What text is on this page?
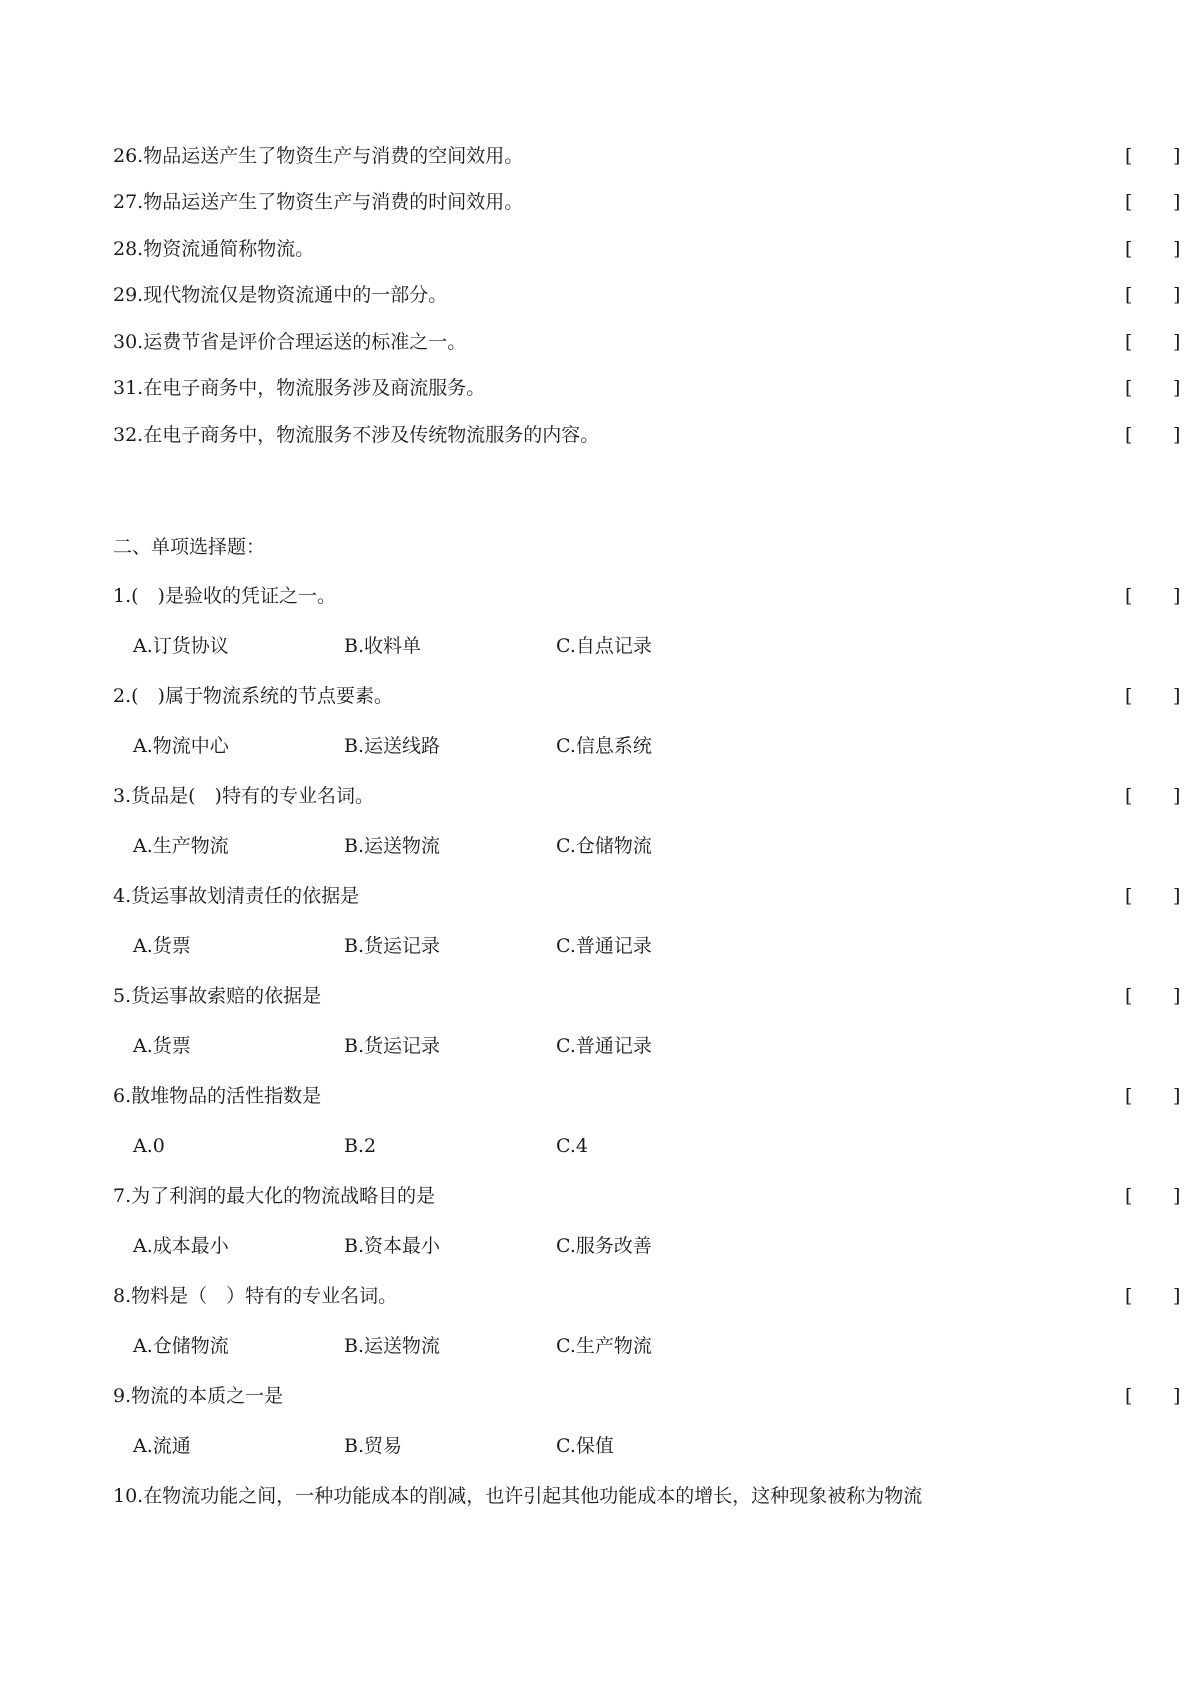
26.物品运送产生了物资生产与消费的空间效用。	[ ]
27.物品运送产生了物资生产与消费的时间效用。	[ ]
28.物资流通简称物流。	[ ]
29.现代物流仅是物资流通中的一部分。	[ ]
30.运费节省是评价合理运送的标准之一。	[ ]
31.在电子商务中，物流服务涉及商流服务。	[ ]
32.在电子商务中，物流服务不涉及传统物流服务的内容。	[ ]
二、单项选择题：
1.(　)是验收的凭证之一。	[ ]
A.订货协议	B.收料单	C.自点记录
2.(　)属于物流系统的节点要素。	[ ]
A.物流中心	B.运送线路	C.信息系统
3.货品是(　)特有的专业名词。	[ ]
A.生产物流	B.运送物流	C.仓储物流
4.货运事故划清责任的依据是	[ ]
A.货票	B.货运记录	C.普通记录
5.货运事故索赔的依据是	[ ]
A.货票	B.货运记录	C.普通记录
6.散堆物品的活性指数是	[ ]
A.0	B.2	C.4
7.为了利润的最大化的物流战略目的是	[ ]
A.成本最小	B.资本最小	C.服务改善
8.物料是（　）特有的专业名词。	[ ]
A.仓储物流	B.运送物流	C.生产物流
9.物流的本质之一是	[ ]
A.流通	B.贸易	C.保值
10.在物流功能之间，一种功能成本的削减，也许引起其他功能成本的增长，这种现象被称为物流
